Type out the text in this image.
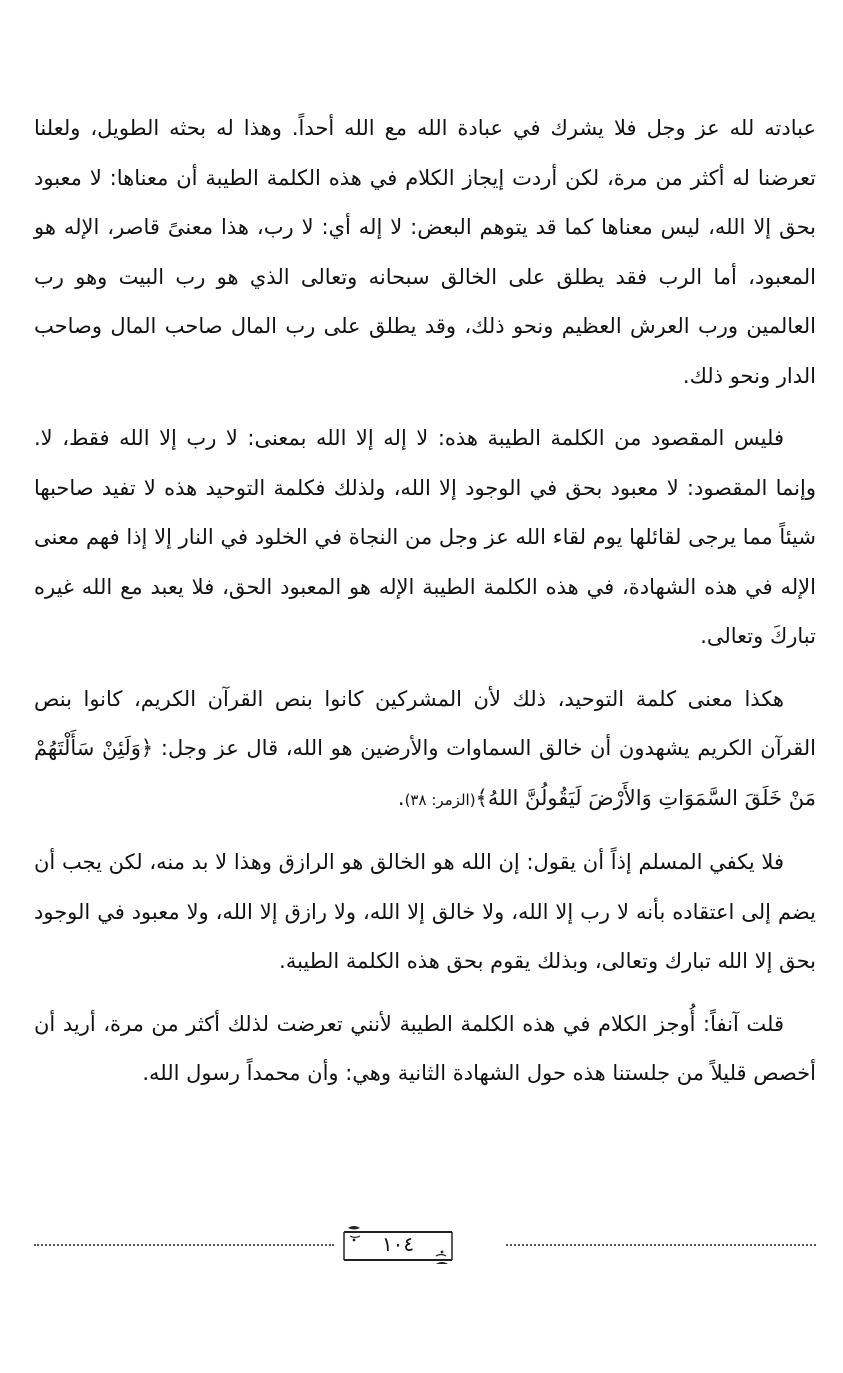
عبادته لله عز وجل فلا يشرك في عبادة الله مع الله أحداً. وهذا له بحثه الطويل، ولعلنا تعرضنا له أكثر من مرة، لكن أردت إيجاز الكلام في هذه الكلمة الطيبة أن معناها: لا معبود بحق إلا الله، ليس معناها كما قد يتوهم البعض: لا إله أي: لا رب، هذا معنىً قاصر، الإله هو المعبود، أما الرب فقد يطلق على الخالق سبحانه وتعالى الذي هو رب البيت وهو رب العالمين ورب العرش العظيم ونحو ذلك، وقد يطلق على رب المال صاحب المال وصاحب الدار ونحو ذلك.

فليس المقصود من الكلمة الطيبة هذه: لا إله إلا الله بمعنى: لا رب إلا الله فقط، لا. وإنما المقصود: لا معبود بحق في الوجود إلا الله، ولذلك فكلمة التوحيد هذه لا تفيد صاحبها شيئاً مما يرجى لقائلها يوم لقاء الله عز وجل من النجاة في الخلود في النار إلا إذا فهم معنى الإله في هذه الشهادة، في هذه الكلمة الطيبة الإله هو المعبود الحق، فلا يعبد مع الله غيره تباركَ وتعالى.

هكذا معنى كلمة التوحيد، ذلك لأن المشركين كانوا بنص القرآن الكريم، كانوا بنص القرآن الكريم يشهدون أن خالق السماوات والأرضين هو الله، قال عز وجل: ﴿وَلَئِنْ سَأَلْتَهُمْ مَنْ خَلَقَ السَّمَوَاتِ وَالأَرْضَ لَيَقُولُنَّ اللهُ﴾(الزمر: ٣٨).

فلا يكفي المسلم إذاً أن يقول: إن الله هو الخالق هو الرازق وهذا لا بد منه، لكن يجب أن يضم إلى اعتقاده بأنه لا رب إلا الله، ولا خالق إلا الله، ولا رازق إلا الله، ولا معبود في الوجود بحق إلا الله تبارك وتعالى، وبذلك يقوم بحق هذه الكلمة الطيبة.

قلت آنفاً: أُوجز الكلام في هذه الكلمة الطيبة لأنني تعرضت لذلك أكثر من مرة، أريد أن أخصص قليلاً من جلستنا هذه حول الشهادة الثانية وهي: وأن محمداً رسول الله.

١٠٤
